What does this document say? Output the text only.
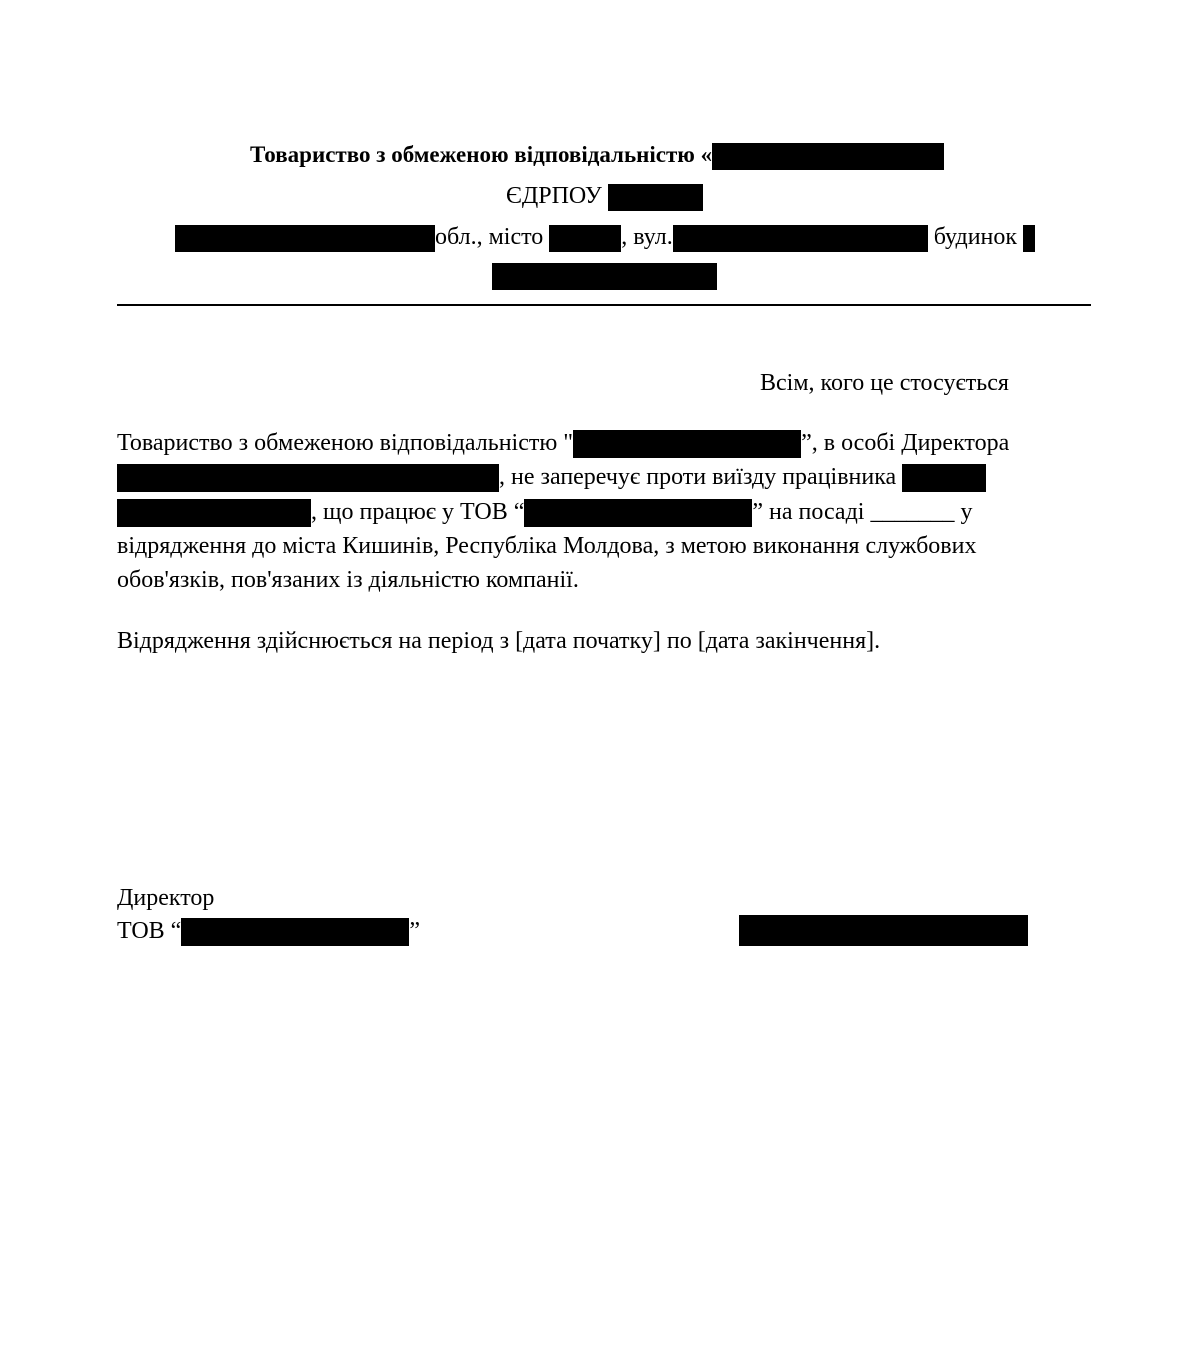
Товариство з обмеженою відповідальністю «
ЄДРПОУ
обл., місто	, вул.	будинок
Всім, кого це стосується
Товариство з обмеженою відповідальністю "	”, в особі Директора
, не заперечує проти виїзду працівника
, що працює у ТОВ “	” на посаді _______ у
відрядження до міста Кишинів, Республіка Молдова, з метою виконання службових
обов'язків, пов'язаних із діяльністю компанії.
Відрядження здійснюється на період з [дата початку] по [дата закінчення].
Директор
ТОВ “	”
